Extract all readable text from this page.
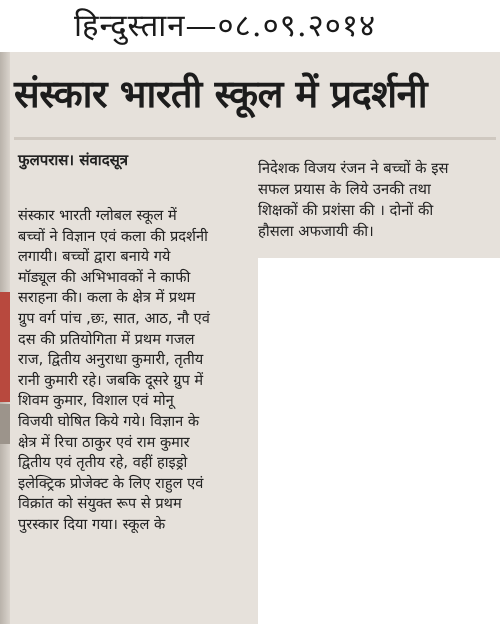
हिन्दुस्तान—०८.०९.२०१४
संस्कार भारती स्कूल में प्रदर्शनी
फुलपरास। संवादसूत्र
संस्कार भारती ग्लोबल स्कूल में
बच्चों ने विज्ञान एवं कला की प्रदर्शनी
लगायी। बच्चों द्वारा बनाये गये
मॉड्यूल की अभिभावकों ने काफी
सराहना की। कला के क्षेत्र में प्रथम
ग्रुप वर्ग पांच ,छः, सात, आठ, नौ एवं
दस की प्रतियोगिता में प्रथम गजल
राज, द्वितीय अनुराधा कुमारी, तृतीय
रानी कुमारी रहे। जबकि दूसरे ग्रुप में
शिवम कुमार, विशाल एवं मोनू
विजयी घोषित किये गये। विज्ञान के
क्षेत्र में रिचा ठाकुर एवं राम कुमार
द्वितीय एवं तृतीय रहे, वहीं हाइड्रो
इलेक्ट्रिक प्रोजेक्ट के लिए राहुल एवं
विक्रांत को संयुक्त रूप से प्रथम
पुरस्कार दिया गया। स्कूल के
निदेशक विजय रंजन ने बच्चों के इस
सफल प्रयास के लिये उनकी तथा
शिक्षकों की प्रशंसा की । दोनों की
हौसला अफजायी की।
